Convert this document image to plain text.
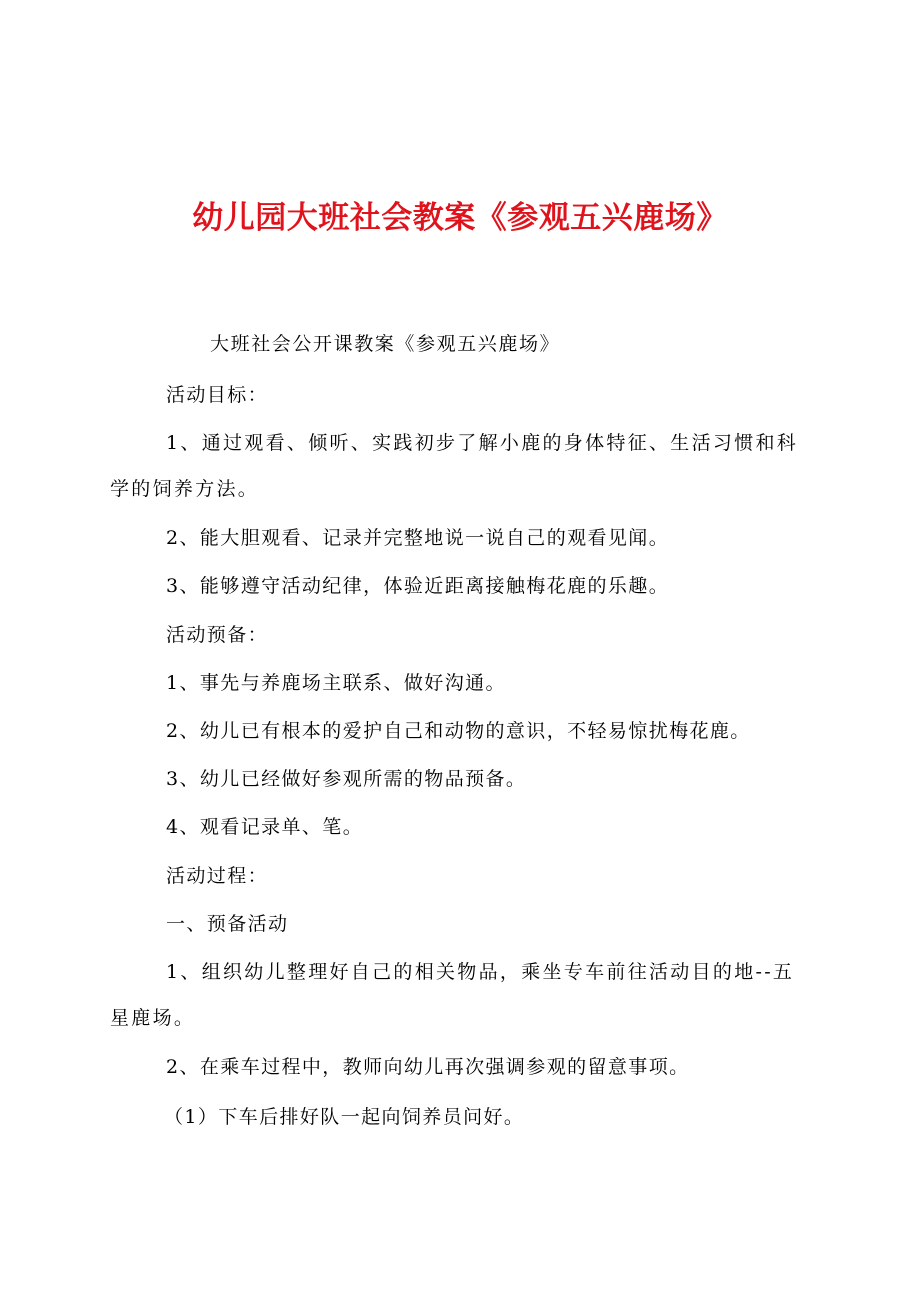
幼儿园大班社会教案《参观五兴鹿场》
大班社会公开课教案《参观五兴鹿场》
活动目标：
1、通过观看、倾听、实践初步了解小鹿的身体特征、生活习惯和科学的饲养方法。
2、能大胆观看、记录并完整地说一说自己的观看见闻。
3、能够遵守活动纪律，体验近距离接触梅花鹿的乐趣。
活动预备：
1、事先与养鹿场主联系、做好沟通。
2、幼儿已有根本的爱护自己和动物的意识，不轻易惊扰梅花鹿。
3、幼儿已经做好参观所需的物品预备。
4、观看记录单、笔。
活动过程：
一、预备活动
1、组织幼儿整理好自己的相关物品，乘坐专车前往活动目的地--五星鹿场。
2、在乘车过程中，教师向幼儿再次强调参观的留意事项。
（1）下车后排好队一起向饲养员问好。
